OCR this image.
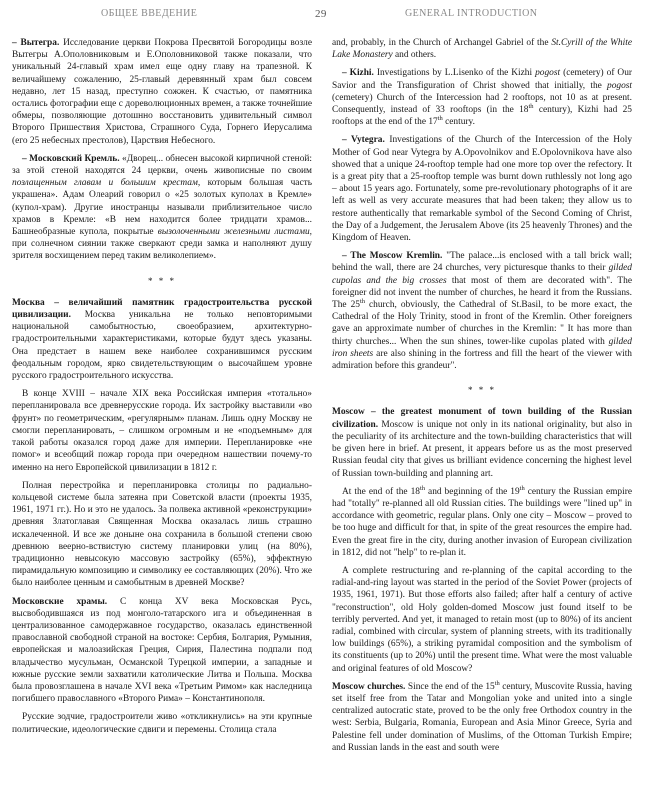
ОБЩЕЕ ВВЕДЕНИЕ	29	GENERAL INTRODUCTION

– Вытегра. Исследование церкви Покрова Пресвятой Богородицы возле Вытегры А.Ополовниковым и Е.Ополовниковой также показали, что уникальный 24-главый храм имел еще одну главу на трапезной. К величайшему сожалению, 25-главый деревянный храм был совсем недавно, лет 15 назад, преступно сожжен. К счастью, от памятника остались фотографии еще с дореволюционных времен, а также точнейшие обмеры, позволяющие дотошнно восстановить удивительный символ Второго Пришествия Христова, Страшного Суда, Горнего Иерусалима (его 25 небесных престолов), Царствия Небесного.

– Московский Кремль. «Дворец... обнесен высокой кирпичной стеной: за этой стеной находятся 24 церкви, очень живописные по своим позлащенным главам и большим крестам, которым большая часть украшена». Адам Олеарий говорил о «25 золотых куполах в Кремле» (купол-храм). Другие иностранцы называли приблизительное число храмов в Кремле: «В нем находится более тридцати храмов... Башнеобразные купола, покрытые вызолоченными железными листами, при солнечном сиянии также сверкают среди замка и наполняют душу зрителя восхищением перед таким великолепием».

* * *

Москва – величайший памятник градостроительства русской цивилизации. Москва уникальна не только неповторимыми национальной самобытностью, своеобразием, архитектурно-градостроительными характеристиками, которые будут здесь указаны. Она предстает в нашем веке наиболее сохранившимся русским феодальным городом, ярко свидетельствующим о высочайшем уровне русского градостроительного искусства.

В конце XVIII – начале XIX века Российская империя «тотально» перепланировала все древнерусские города. Их застройку выставили «во фрунт» по геометрическим, «регулярным» планам. Лишь одну Москву не смогли перепланировать, – слишком огромным и не «подъемным» для такой работы оказался город даже для империи. Перепланировке «не помог» и всеобщий пожар города при очередном нашествии почему-то именно на него Европейской цивилизации в 1812 г.

Полная перестройка и перепланировка столицы по радиально-кольцевой системе была затеяна при Советской власти (проекты 1935, 1961, 1971 гг.). Но и это не удалось. За полвека активной «реконструкции» древняя Златоглавая Священная Москва оказалась лишь страшно искалеченной. И все же доныне она сохранила в большой степени свою древнюю веерно-вствистую систему планировки улиц (на 80%), традиционно невысокую массовую застройку (65%), эффектную пирамидальную композицию и символику ее составляющих (20%). Что же было наиболее ценным и самобытным в древней Москве?

Московские храмы. С конца XV века Московская Русь, высвободившаяся из под монголо-татарского ига и объединенная в централизованное самодержавное государство, оказалась единственной православной свободной страной на востоке: Сербия, Болгария, Румыния, европейская и малоазийская Греция, Сирия, Палестина подпали под владычество мусульман, Османской Турецкой империи, а западные и южные русские земли захватили католические Литва и Польша. Москва была провозглашена в начале XVI века «Третьим Римом» как наследница погибшего православного «Второго Рима» – Константинополя.

Русские зодчие, градостроители живо «откликнулись» на эти крупные политические, идеологические сдвиги и перемены. Столица стала

and, probably, in the Church of Archangel Gabriel of the St.Cyrill of the White Lake Monastery and others.

– Kizhi. Investigations by L.Lisenko of the Kizhi pogost (cemetery) of Our Savior and the Transfiguration of Christ showed that initially, the pogost (cemetery) Church of the Intercession had 2 rooftops, not 10 as at present. Consequently, instead of 33 rooftops (in the 18th century), Kizhi had 25 rooftops at the end of the 17th century.

– Vytegra. Investigations of the Church of the Intercession of the Holy Mother of God near Vytegra by A.Opovolnikov and E.Opolovnikova have also showed that a unique 24-rooftop temple had one more top over the refectory. It is a great pity that a 25-rooftop temple was burnt down ruthlessly not long ago – about 15 years ago. Fortunately, some pre-revolutionary photographs of it are left as well as very accurate measures that had been taken; they allow us to restore authentically that remarkable symbol of the Second Coming of Christ, the Day of a Judgement, the Jerusalem Above (its 25 heavenly Thrones) and the Kingdom of Heaven.

– The Moscow Kremlin. "The palace...is enclosed with a tall brick wall; behind the wall, there are 24 churches, very picturesque thanks to their gilded cupolas and the big crosses that most of them are decorated with". The foreigner did not invent the number of churches, he heard it from the Russians. The 25th church, obviously, the Cathedral of St.Basil, to be more exact, the Cathedral of the Holy Trinity, stood in front of the Kremlin. Other foreigners gave an approximate number of churches in the Kremlin: " It has more than thirty churches... When the sun shines, tower-like cupolas plated with gilded iron sheets are also shining in the fortress and fill the heart of the viewer with admiration before this grandeur".

* * *

Moscow – the greatest monument of town building of the Russian civilization. Moscow is unique not only in its national originality, but also in the peculiarity of its architecture and the town-building characteristics that will be given here in brief. At present, it appears before us as the most preserved Russian feudal city that gives us brilliant evidence concerning the highest level of Russian town-building and planning art.

At the end of the 18th and beginning of the 19th century the Russian empire had "totally" re-planned all old Russian cities. The buildings were "lined up" in accordance with geometric, regular plans. Only one city – Moscow – proved to be too huge and difficult for that, in spite of the great resources the empire had. Even the great fire in the city, during another invasion of European civilization in 1812, did not "help" to re-plan it.

A complete restructuring and re-planning of the capital according to the radial-and-ring layout was started in the period of the Soviet Power (projects of 1935, 1961, 1971). But those efforts also failed; after half a century of active "reconstruction", old Holy golden-domed Moscow just found itself to be terribly perverted. And yet, it managed to retain most (up to 80%) of its ancient radial, combined with circular, system of planning streets, with its traditionally low buildings (65%), a striking pyramidal composition and the symbolism of its constituents (up to 20%) until the present time. What were the most valuable and original features of old Moscow?

Moscow churches. Since the end of the 15th century, Muscovite Russia, having set itself free from the Tatar and Mongolian yoke and united into a single centralized autocratic state, proved to be the only free Orthodox country in the west: Serbia, Bulgaria, Romania, European and Asia Minor Greece, Syria and Palestine fell under domination of Muslims, of the Ottoman Turkish Empire; and Russian lands in the east and south were
